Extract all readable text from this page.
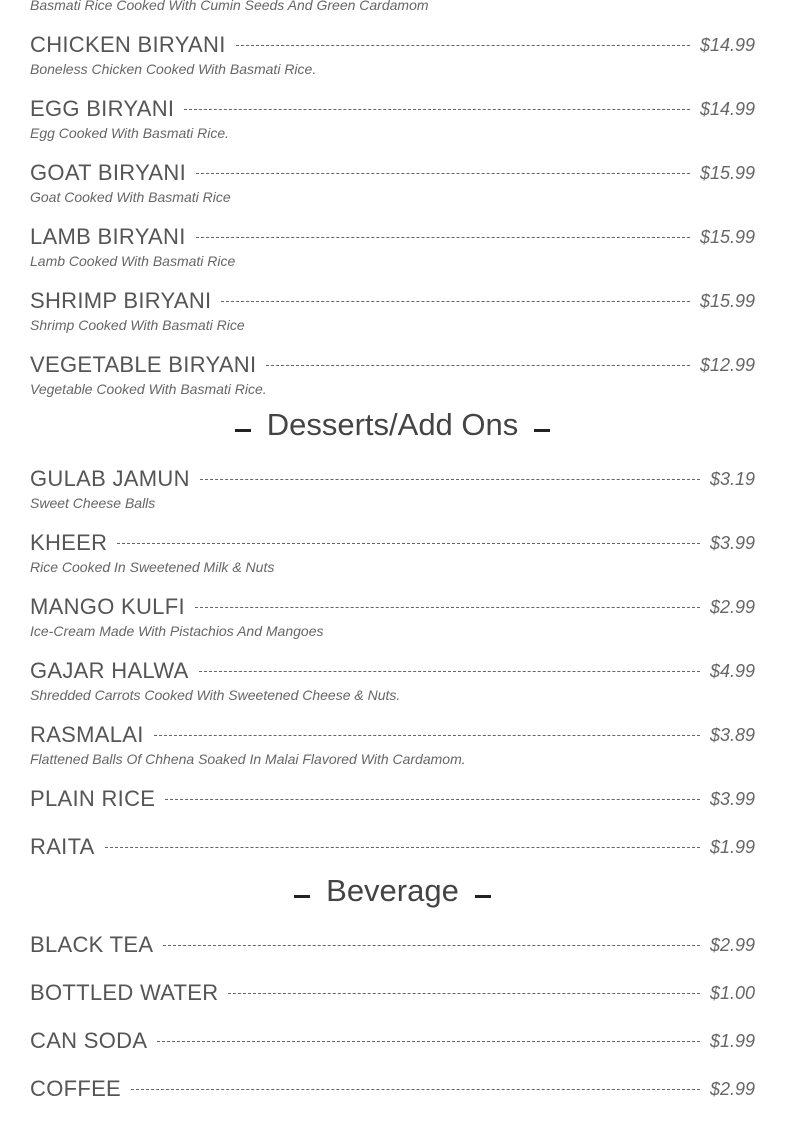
Basmati Rice Cooked With Cumin Seeds And Green Cardamom
CHICKEN BIRYANI	$14.99
Boneless Chicken Cooked With Basmati Rice.
EGG BIRYANI	$14.99
Egg Cooked With Basmati Rice.
GOAT BIRYANI	$15.99
Goat Cooked With Basmati Rice
LAMB BIRYANI	$15.99
Lamb Cooked With Basmati Rice
SHRIMP BIRYANI	$15.99
Shrimp Cooked With Basmati Rice
VEGETABLE BIRYANI	$12.99
Vegetable Cooked With Basmati Rice.
Desserts/Add Ons
GULAB JAMUN	$3.19
Sweet Cheese Balls
KHEER	$3.99
Rice Cooked In Sweetened Milk & Nuts
MANGO KULFI	$2.99
Ice-Cream Made With Pistachios And Mangoes
GAJAR HALWA	$4.99
Shredded Carrots Cooked With Sweetened Cheese & Nuts.
RASMALAI	$3.89
Flattened Balls Of Chhena Soaked In Malai Flavored With Cardamom.
PLAIN RICE	$3.99
RAITA	$1.99
Beverage
BLACK TEA	$2.99
BOTTLED WATER	$1.00
CAN SODA	$1.99
COFFEE	$2.99
